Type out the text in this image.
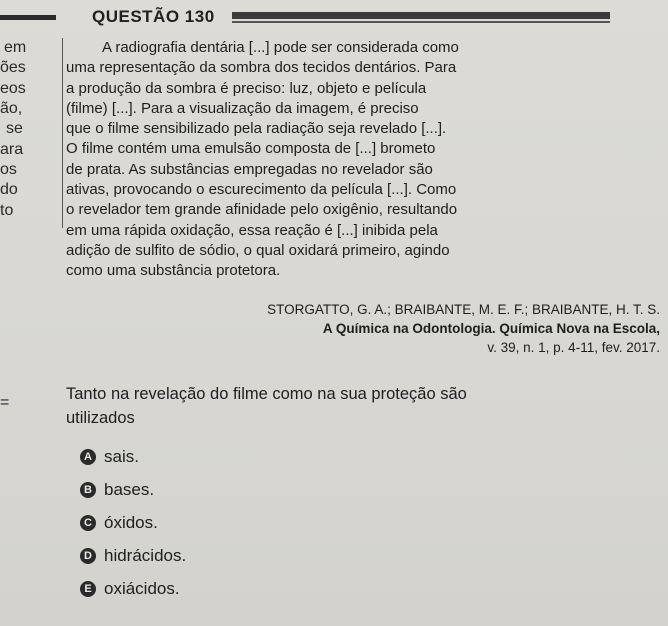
QUESTÃO 130
em
ões
eos
ão,
se
ara
os
do
to
A radiografia dentária [...] pode ser considerada como
uma representação da sombra dos tecidos dentários. Para
a produção da sombra é preciso: luz, objeto e película
(filme) [...]. Para a visualização da imagem, é preciso
que o filme sensibilizado pela radiação seja revelado [...].
O filme contém uma emulsão composta de [...] brometo
de prata. As substâncias empregadas no revelador são
ativas, provocando o escurecimento da película [...]. Como
o revelador tem grande afinidade pelo oxigênio, resultando
em uma rápida oxidação, essa reação é [...] inibida pela
adição de sulfito de sódio, o qual oxidará primeiro, agindo
como uma substância protetora.
STORGATTO, G. A.; BRAIBANTE, M. E. F.; BRAIBANTE, H. T. S.
A Química na Odontologia. Química Nova na Escola,
v. 39, n. 1, p. 4-11, fev. 2017.
Tanto na revelação do filme como na sua proteção são
utilizados
A sais.
B bases.
C óxidos.
D hidrácidos.
E oxiácidos.
=
